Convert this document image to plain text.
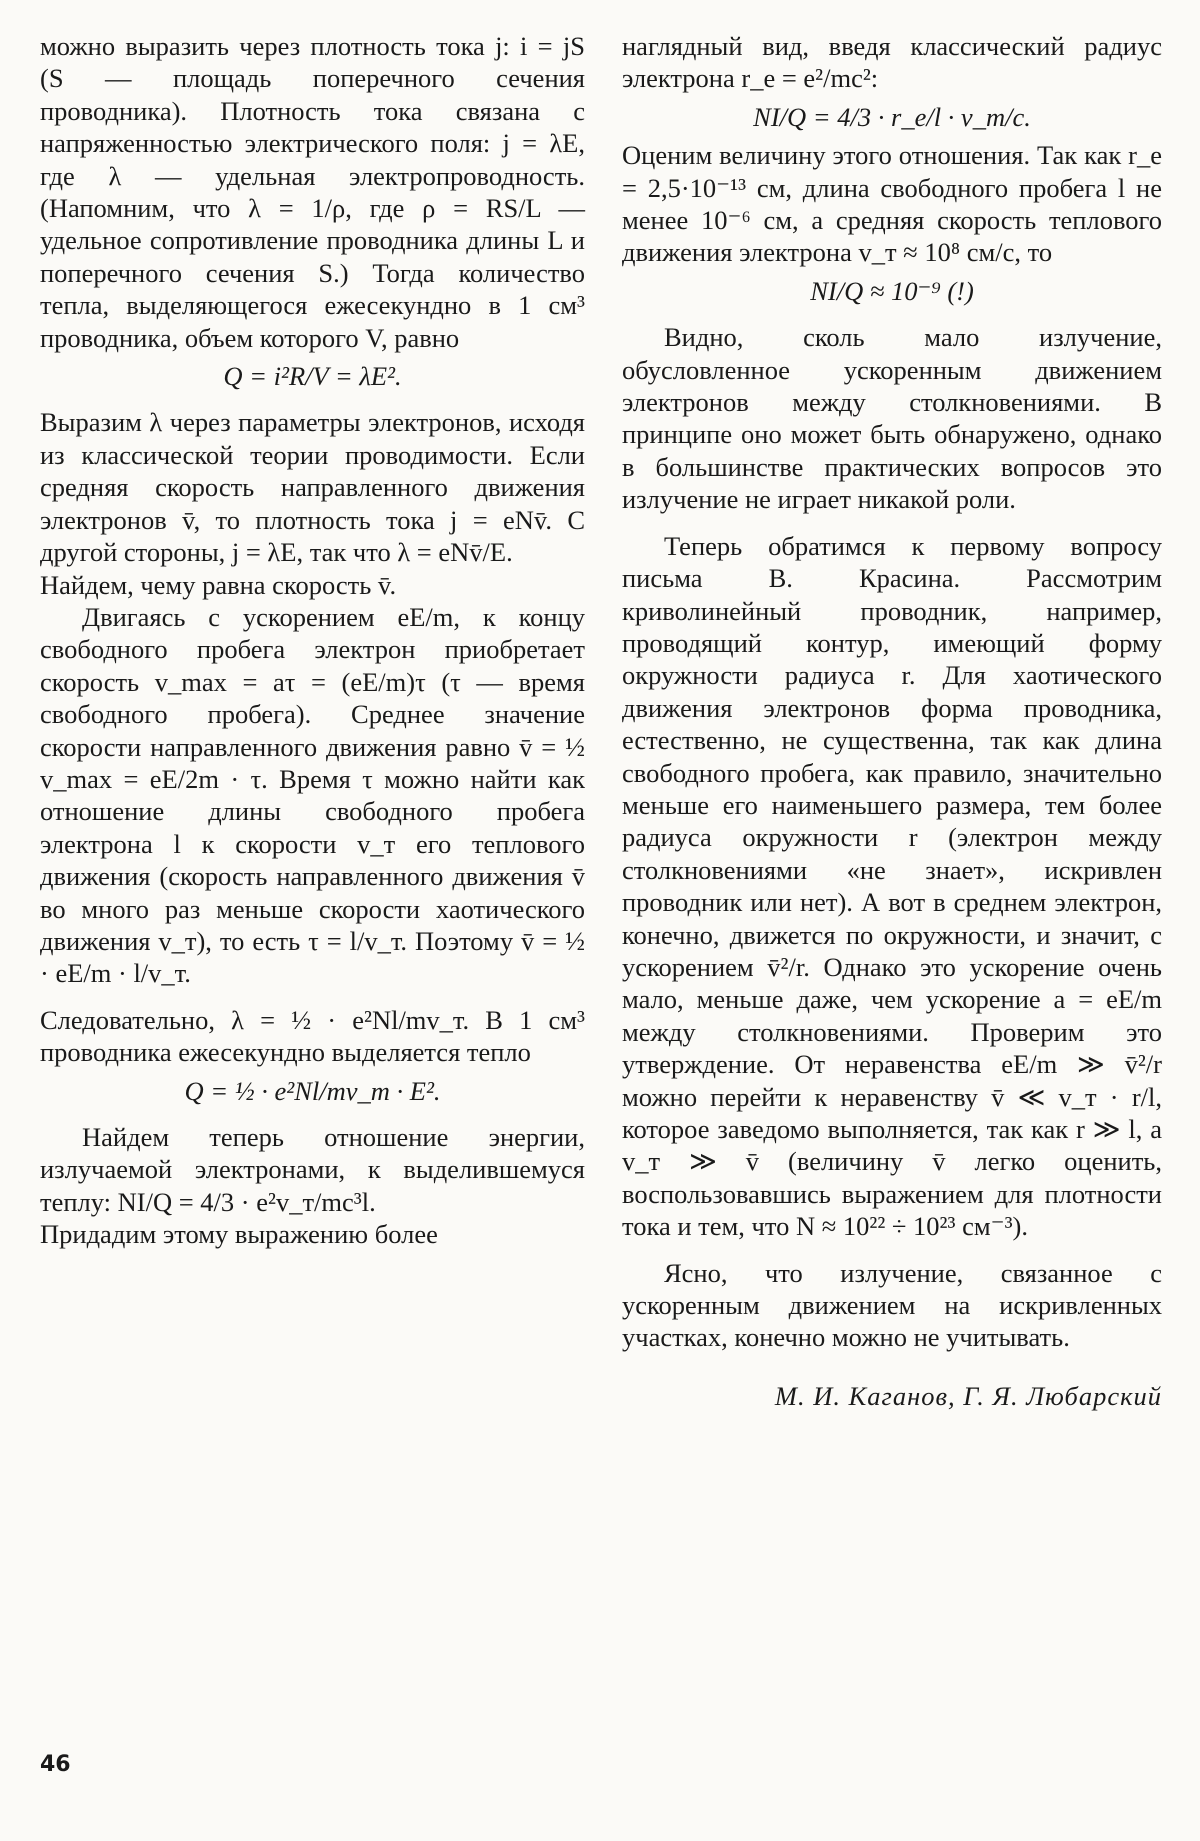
можно выразить через плотность тока j: i = jS (S — площадь поперечного сечения проводника). Плотность тока связана с напряженностью электрического поля: j = λE, где λ — удельная электропроводность. (Напомним, что λ = 1/ρ, где ρ = RS/L — удельное сопротивление проводника длины L и поперечного сечения S.) Тогда количество тепла, выделяющегося ежесекундно в 1 см³ проводника, объем которого V, равно

Q = i²R/V = λE².

Выразим λ через параметры электронов, исходя из классической теории проводимости. Если средняя скорость направленного движения электронов v̄, то плотность тока j = eNv̄. С другой стороны, j = λE, так что λ = eNv̄/E.

Найдем, чему равна скорость v̄.

Двигаясь с ускорением eE/m, к концу свободного пробега электрон приобретает скорость v_max = aτ = (eE/m)τ (τ — время свободного пробега). Среднее значение скорости направленного движения равно v̄ = ½ v_max = eE/2m · τ. Время τ можно найти как отношение длины свободного пробега электрона l к скорости v_т его теплового движения (скорость направленного движения v̄ во много раз меньше скорости хаотического движения v_т), то есть τ = l/v_т. Поэтому v̄ = ½ · eE/m · l/v_т.

Следовательно, λ = ½ · e²Nl/mv_т. В 1 см³ проводника ежесекундно выделяется тепло

Q = ½ · e²Nl/mv_т · E².

Найдем теперь отношение энергии, излучаемой электронами, к выделившемуся теплу: NI/Q = 4/3 · e²v_т/mc³l.

Придадим этому выражению более

наглядный вид, введя классический радиус электрона r_e = e²/mc²:

NI/Q = 4/3 · r_e/l · v_т/c.

Оценим величину этого отношения. Так как r_e = 2,5·10⁻¹³ см, длина свободного пробега l не менее 10⁻⁶ см, а средняя скорость теплового движения электрона v_т ≈ 10⁸ см/с, то

NI/Q ≈ 10⁻⁹ (!)

Видно, сколь мало излучение, обусловленное ускоренным движением электронов между столкновениями. В принципе оно может быть обнаружено, однако в большинстве практических вопросов это излучение не играет никакой роли.

Теперь обратимся к первому вопросу письма В. Красина. Рассмотрим криволинейный проводник, например, проводящий контур, имеющий форму окружности радиуса r. Для хаотического движения электронов форма проводника, естественно, не существенна, так как длина свободного пробега, как правило, значительно меньше его наименьшего размера, тем более радиуса окружности r (электрон между столкновениями «не знает», искривлен проводник или нет). А вот в среднем электрон, конечно, движется по окружности, и значит, с ускорением v̄²/r. Однако это ускорение очень мало, меньше даже, чем ускорение a = eE/m между столкновениями. Проверим это утверждение. От неравенства eE/m ≫ v̄²/r можно перейти к неравенству v̄ ≪ v_т · r/l, которое заведомо выполняется, так как r ≫ l, а v_т ≫ v̄ (величину v̄ легко оценить, воспользовавшись выражением для плотности тока и тем, что N ≈ 10²² ÷ 10²³ см⁻³).

Ясно, что излучение, связанное с ускоренным движением на искривленных участках, конечно можно не учитывать.

М. И. Каганов, Г. Я. Любарский
46
